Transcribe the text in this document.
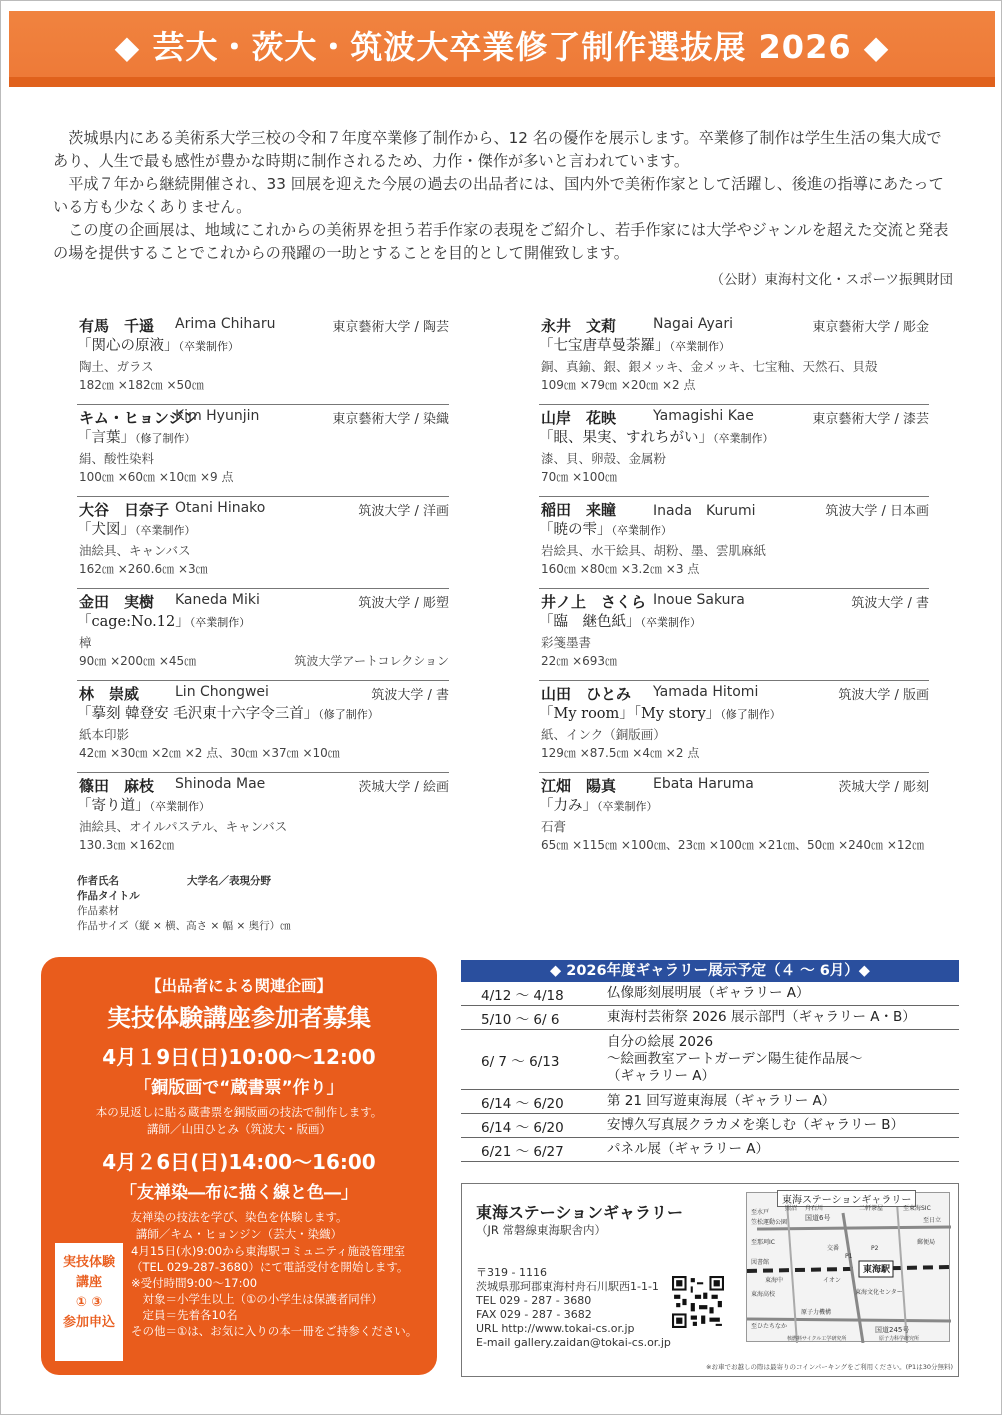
◆ 芸大・茨大・筑波大卒業修了制作選抜展 2026 ◆

茨城県内にある美術系大学三校の令和７年度卒業修了制作から、12 名の優作を展示します。卒業修了制作は学生生活の集大成であり、人生で最も感性が豊かな時期に制作されるため、力作・傑作が多いと言われています。

平成７年から継続開催され、33 回展を迎えた今展の過去の出品者には、国内外で美術作家として活躍し、後進の指導にあたっている方も少なくありません。

この度の企画展は、地域にこれからの美術界を担う若手作家の表現をご紹介し、若手作家には大学やジャンルを超えた交流と発表の場を提供することでこれからの飛躍の一助とすることを目的として開催致します。

（公財）東海村文化・スポーツ振興財団

有馬　千遥 Arima Chiharu	東京藝術大学 / 陶芸
「関心の原液」（卒業制作）
陶土、ガラス
182㎝ ×182㎝ ×50㎝
キム・ヒョンジン
Kim Hyunjin	東京藝術大学 / 染織
「言葉」（修了制作）
絹、酸性染料
100㎝ ×60㎝ ×10㎝ ×9 点
大谷　日奈子 Otani Hinako	筑波大学 / 洋画
「犬図」（卒業制作）
油絵具、キャンバス
162㎝ ×260.6㎝ ×3㎝
金田　実樹 Kaneda Miki	筑波大学 / 彫塑
「cage:No.12」（卒業制作）
樟
90㎝ ×200㎝ ×45㎝	筑波大学アートコレクション
林　崇威	Lin Chongwei	筑波大学 / 書
「摹刻 韓登安 毛沢東十六字令三首」（修了制作）
紙本印影
42㎝ ×30㎝ ×2㎝ ×2 点、30㎝ ×37㎝ ×10㎝
篠田　麻枝 Shinoda Mae	茨城大学 / 絵画
「寄り道」（卒業制作）
油絵具、オイルパステル、キャンバス
130.3㎝ ×162㎝
永井　文莉	Nagai Ayari	東京藝術大学 / 彫金
「七宝唐草曼荼羅」（卒業制作）
銅、真鍮、銀、銀メッキ、金メッキ、七宝釉、天然石、貝殻
109㎝ ×79㎝ ×20㎝ ×2 点
山岸　花映	Yamagishi Kae	東京藝術大学 / 漆芸
「眼、果実、すれちがい」（卒業制作）
漆、貝、卵殻、金属粉
70㎝ ×100㎝
稲田　来瞳	Inada　Kurumi	筑波大学 / 日本画
「暁の雫」（卒業制作）
岩絵具、水干絵具、胡粉、墨、雲肌麻紙
160㎝ ×80㎝ ×3.2㎝ ×3 点
井ノ上　さくら Inoue Sakura	筑波大学 / 書
「臨　継色紙」（卒業制作）
彩箋墨書
22㎝ ×693㎝
山田　ひとみ Yamada Hitomi	筑波大学 / 版画
「My room」「My story」（修了制作）
紙、インク（銅版画）
129㎝ ×87.5㎝ ×4㎝ ×2 点
江畑　陽真	Ebata Haruma	茨城大学 / 彫刻
「力み」（卒業制作）
石膏
65㎝ ×115㎝ ×100㎝、23㎝ ×100㎝ ×21㎝、50㎝ ×240㎝ ×12㎝
作者氏名	大学名／表現分野
作品タイトル
作品素材
作品サイズ（縦 × 横、高さ × 幅 × 奥行）㎝
【出品者による関連企画】
実技体験講座参加者募集
4月１9日(日)10:00〜12:00
「銅版画で“蔵書票”作り」
本の見返しに貼る蔵書票を銅版画の技法で制作します。
講師／山田ひとみ（筑波大・版画）
4月２6日(日)14:00〜16:00
「友禅染―布に描く線と色―」
友禅染の技法を学び、染色を体験します。
講師／キム・ヒョンジン（芸大・染織）
実技体験
講座
① ③
参加申込
4月15日(水)9:00から東海駅コミュニティ施設管理室
（TEL 029-287-3680）にて電話受付を開始します。
※受付時間9:00～17:00
　対象＝小学生以上（①の小学生は保護者同伴）
　定員＝先着各10名
その他＝①は、お気に入りの本一冊をご持参ください。
◆ 2026年度ギャラリー展示予定（４ 〜 6月）◆
4/12 〜 4/18	仏像彫刻展明展（ギャラリー A）
5/10 〜 6/ 6	東海村芸術祭 2026 展示部門（ギャラリー A・B）
6/ 7 〜 6/13
自分の絵展 2026
〜絵画教室アートガーデン陽生徒作品展〜
（ギャラリー A）
6/14 〜 6/20	第 21 回写遊東海展（ギャラリー A）
6/14 〜 6/20	安博久写真展クラカメを楽しむ（ギャラリー B）
6/21 〜 6/27	パネル展（ギャラリー A）
東海ステーションギャラリー
（JR 常磐線東海駅舎内）
〒319 - 1116
茨城県那珂郡東海村舟石川駅西1-1-1
TEL 029 - 287 - 3680
FAX 029 - 287 - 3682
URL http://www.tokai-cs.or.jp
E-mail gallery.zaidan@tokai-cs.or.jp
東海ステーションギャラリー
東海駅
国道6号
国道245号
舟石川	至東海SIC
照沼	二軒茶屋
イオン
交番
郵便局
図書館
東海中
東海高校
原子力機構
原子力科学研究所
核燃料サイクル工学研究所
至日立
至ひたちなか
至水戸
至那珂IC
笠松運動公園
東海文化センター
P1
P2
※お車でお越しの際は最寄りのコインパーキングをご利用ください。(P1は30分無料)
